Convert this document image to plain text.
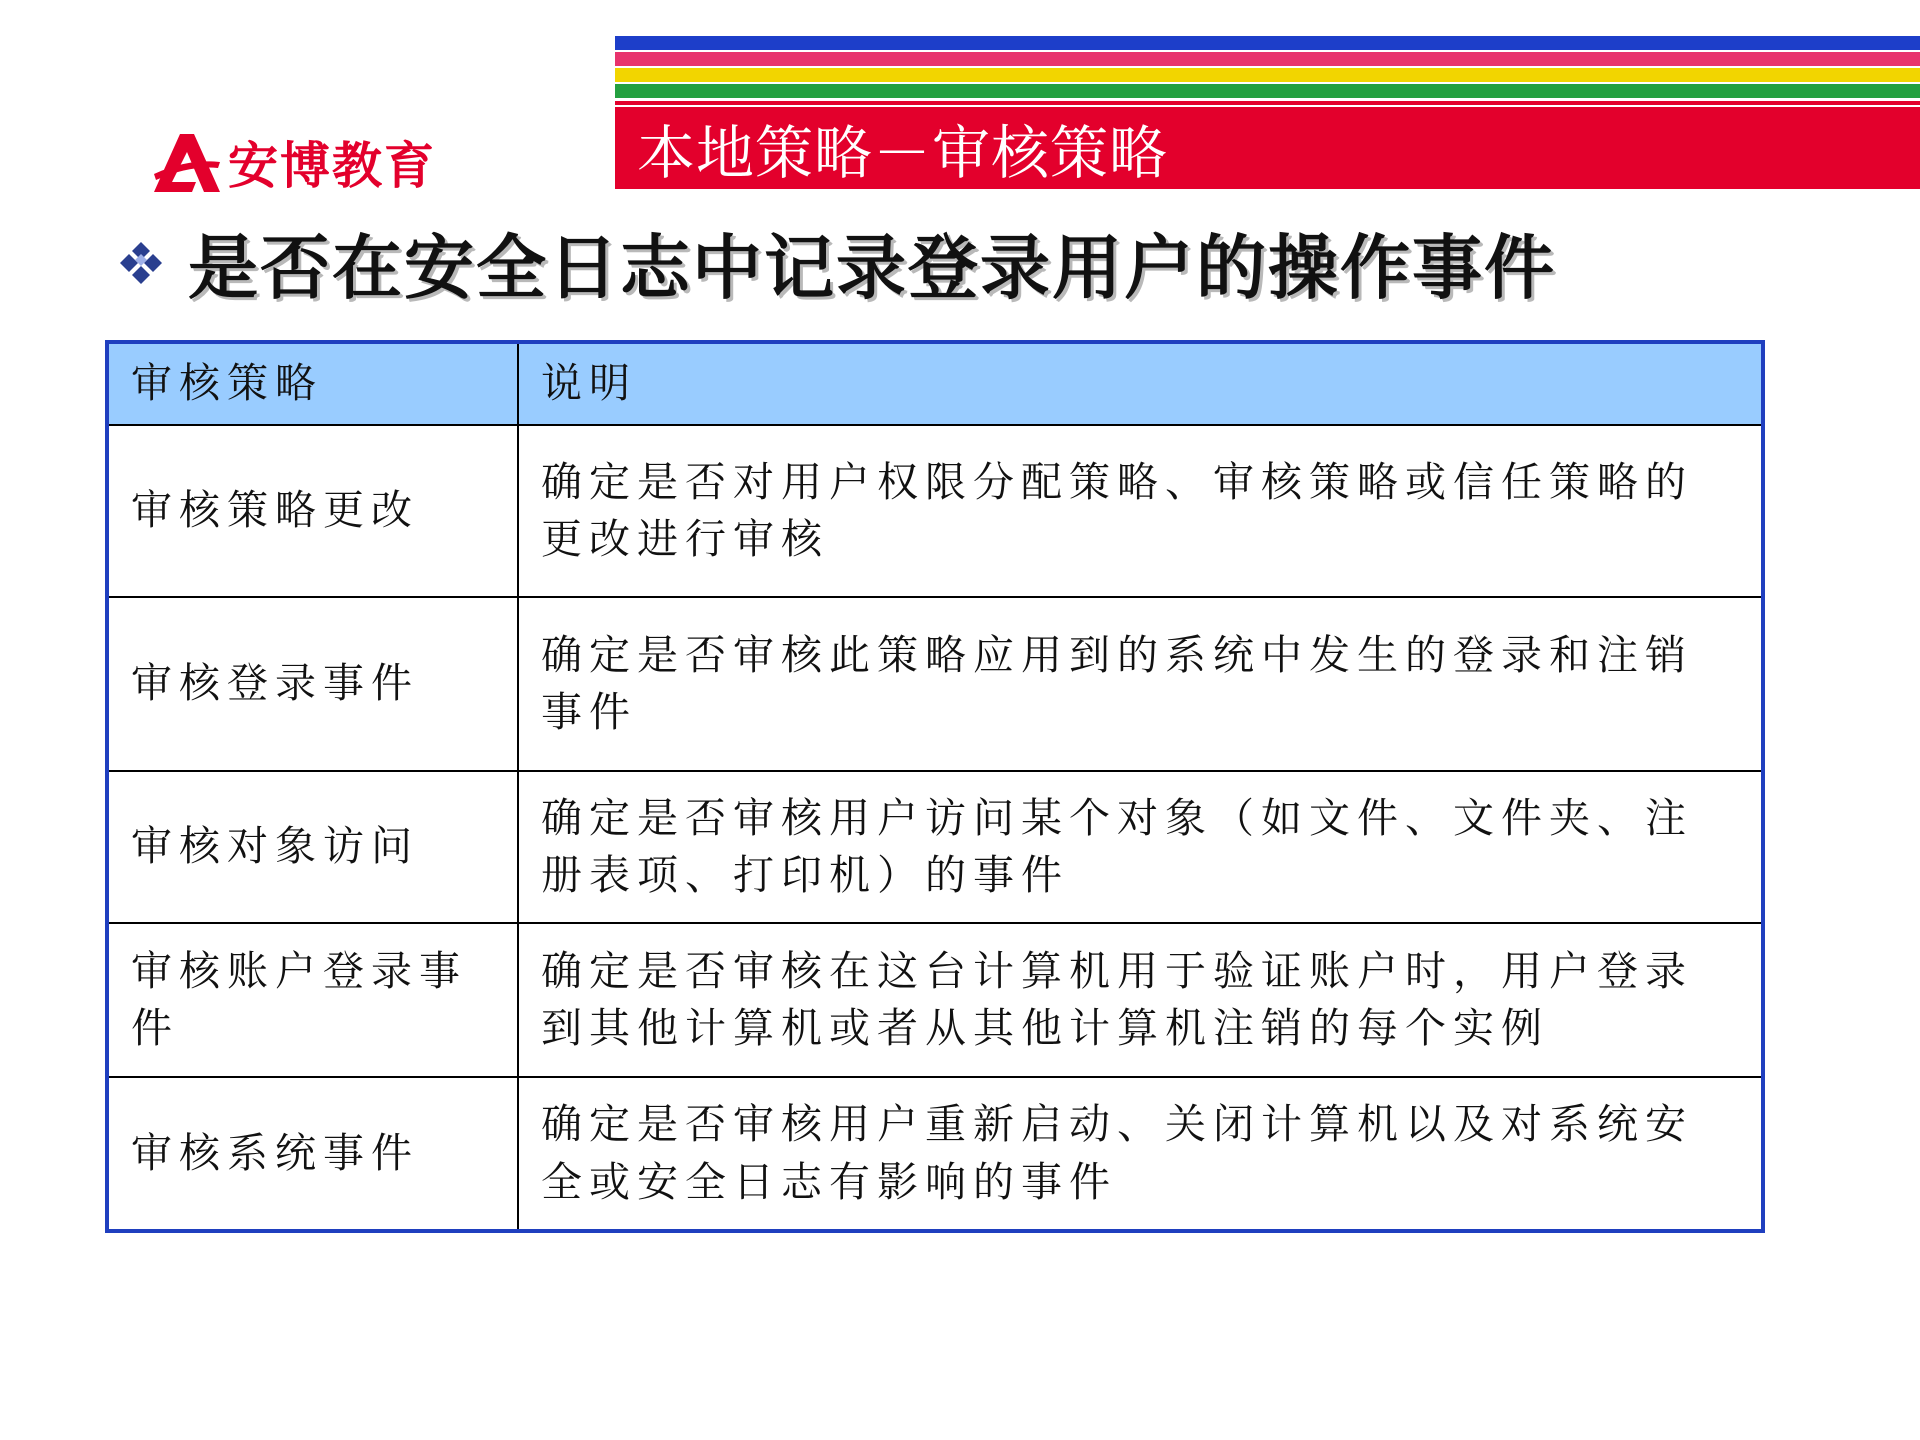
本地策略－审核策略
安博教育
是否在安全日志中记录登录用户的操作事件
审核策略	说明
审核策略更改	确定是否对用户权限分配策略、审核策略或信任策略的更改进行审核
审核登录事件	确定是否审核此策略应用到的系统中发生的登录和注销事件
审核对象访问	确定是否审核用户访问某个对象（如文件、文件夹、注册表项、打印机）的事件
审核账户登录事件	确定是否审核在这台计算机用于验证账户时，用户登录到其他计算机或者从其他计算机注销的每个实例
审核系统事件	确定是否审核用户重新启动、关闭计算机以及对系统安全或安全日志有影响的事件
